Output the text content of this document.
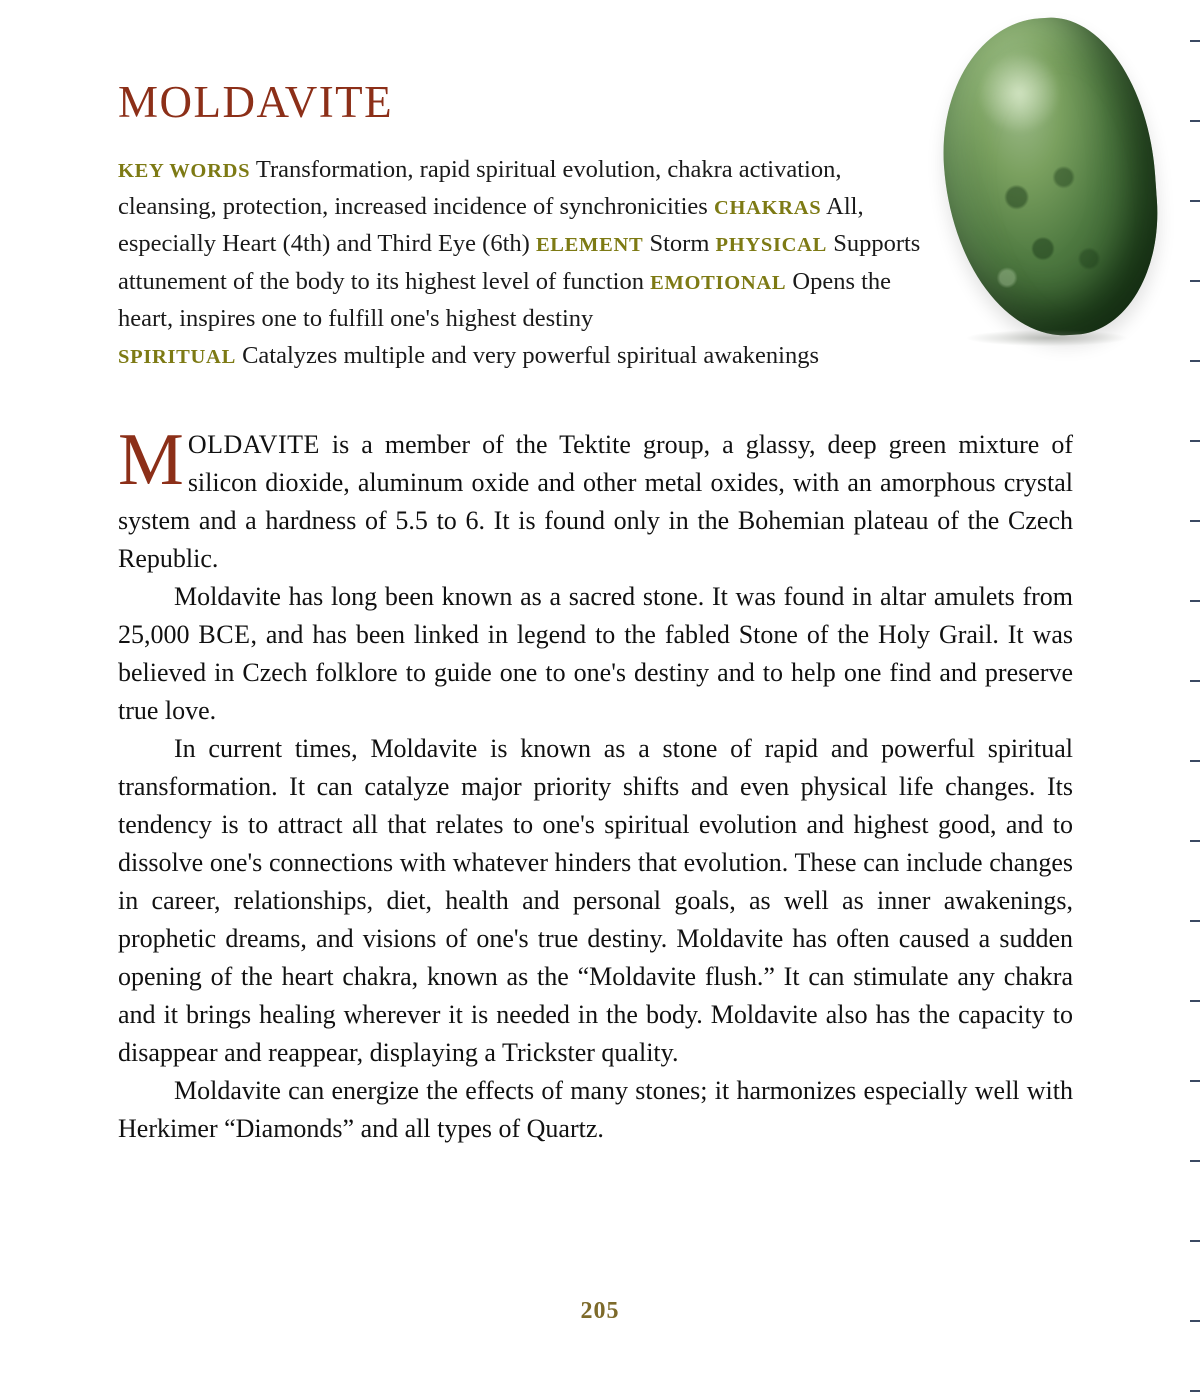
MOLDAVITE
KEY WORDS Transformation, rapid spiritual evolution, chakra activation, cleansing, protection, increased incidence of synchronicities CHAKRAS All, especially Heart (4th) and Third Eye (6th) ELEMENT Storm PHYSICAL Supports attunement of the body to its highest level of function EMOTIONAL Opens the heart, inspires one to fulfill one's highest destiny
SPIRITUAL Catalyzes multiple and very powerful spiritual awakenings

MOLDAVITE is a member of the Tektite group, a glassy, deep green mixture of silicon dioxide, aluminum oxide and other metal oxides, with an amorphous crystal system and a hardness of 5.5 to 6. It is found only in the Bohemian plateau of the Czech Republic.

Moldavite has long been known as a sacred stone. It was found in altar amulets from 25,000 BCE, and has been linked in legend to the fabled Stone of the Holy Grail. It was believed in Czech folklore to guide one to one's destiny and to help one find and preserve true love.

In current times, Moldavite is known as a stone of rapid and powerful spiritual transformation. It can catalyze major priority shifts and even physical life changes. Its tendency is to attract all that relates to one's spiritual evolution and highest good, and to dissolve one's connections with whatever hinders that evolution. These can include changes in career, relationships, diet, health and personal goals, as well as inner awakenings, prophetic dreams, and visions of one's true destiny. Moldavite has often caused a sudden opening of the heart chakra, known as the “Moldavite flush.” It can stimulate any chakra and it brings healing wherever it is needed in the body. Moldavite also has the capacity to disappear and reappear, displaying a Trickster quality.

Moldavite can energize the effects of many stones; it harmonizes especially well with Herkimer “Diamonds” and all types of Quartz.

205
